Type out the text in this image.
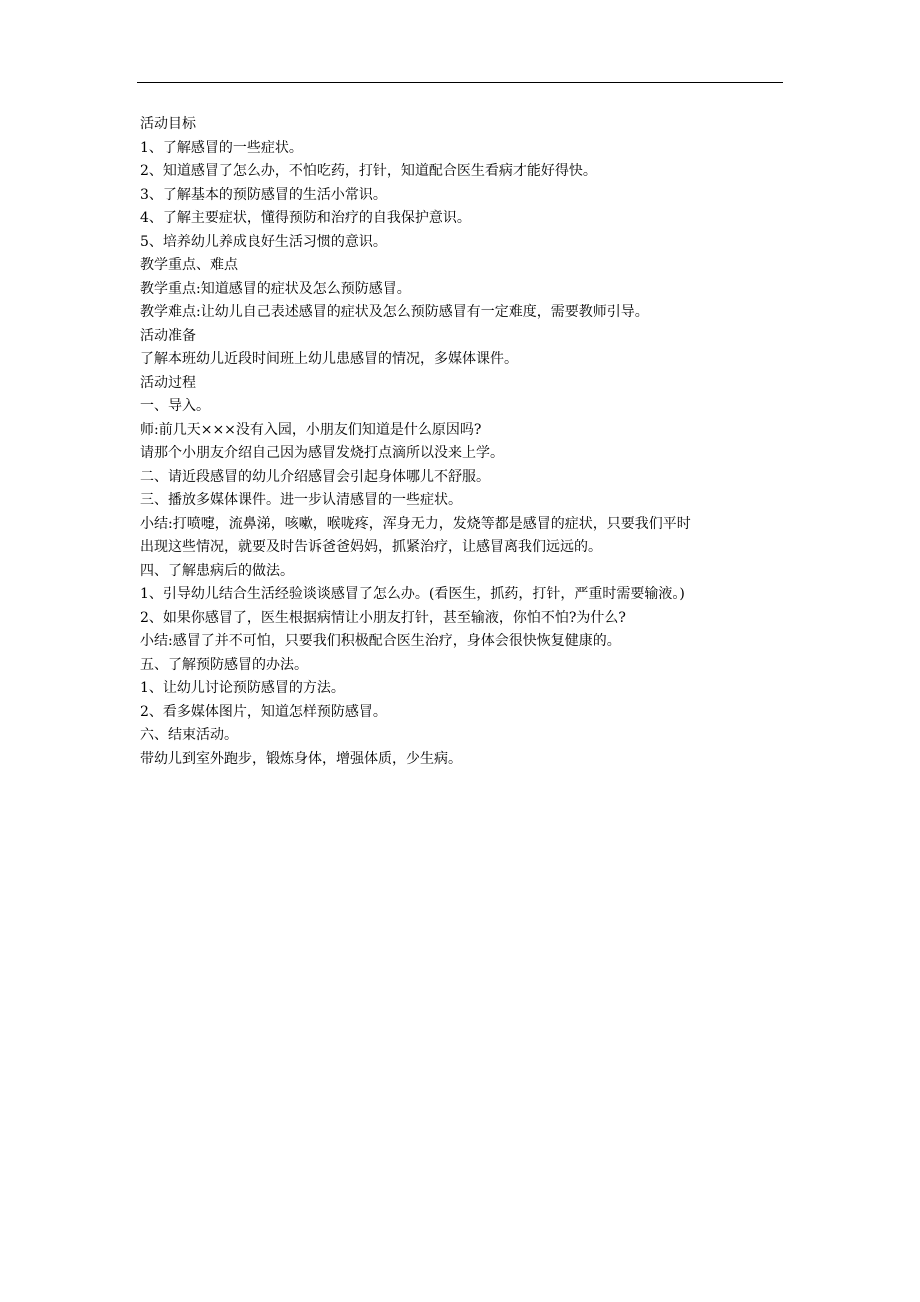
活动目标
1、了解感冒的一些症状。
2、知道感冒了怎么办，不怕吃药，打针，知道配合医生看病才能好得快。
3、了解基本的预防感冒的生活小常识。
4、了解主要症状，懂得预防和治疗的自我保护意识。
5、培养幼儿养成良好生活习惯的意识。
教学重点、难点
教学重点:知道感冒的症状及怎么预防感冒。
教学难点:让幼儿自己表述感冒的症状及怎么预防感冒有一定难度，需要教师引导。
活动准备
了解本班幼儿近段时间班上幼儿患感冒的情况，多媒体课件。
活动过程
一、导入。
师:前几天×××没有入园，小朋友们知道是什么原因吗?
请那个小朋友介绍自己因为感冒发烧打点滴所以没来上学。
二、请近段感冒的幼儿介绍感冒会引起身体哪儿不舒服。
三、播放多媒体课件。进一步认清感冒的一些症状。
小结:打喷嚏，流鼻涕，咳嗽，喉咙疼，浑身无力，发烧等都是感冒的症状，只要我们平时
出现这些情况，就要及时告诉爸爸妈妈，抓紧治疗，让感冒离我们远远的。
四、了解患病后的做法。
1、引导幼儿结合生活经验谈谈感冒了怎么办。(看医生，抓药，打针，严重时需要输液。)
2、如果你感冒了，医生根据病情让小朋友打针，甚至输液，你怕不怕?为什么?
小结:感冒了并不可怕，只要我们积极配合医生治疗，身体会很快恢复健康的。
五、了解预防感冒的办法。
1、让幼儿讨论预防感冒的方法。
2、看多媒体图片，知道怎样预防感冒。
六、结束活动。
带幼儿到室外跑步，锻炼身体，增强体质，少生病。
